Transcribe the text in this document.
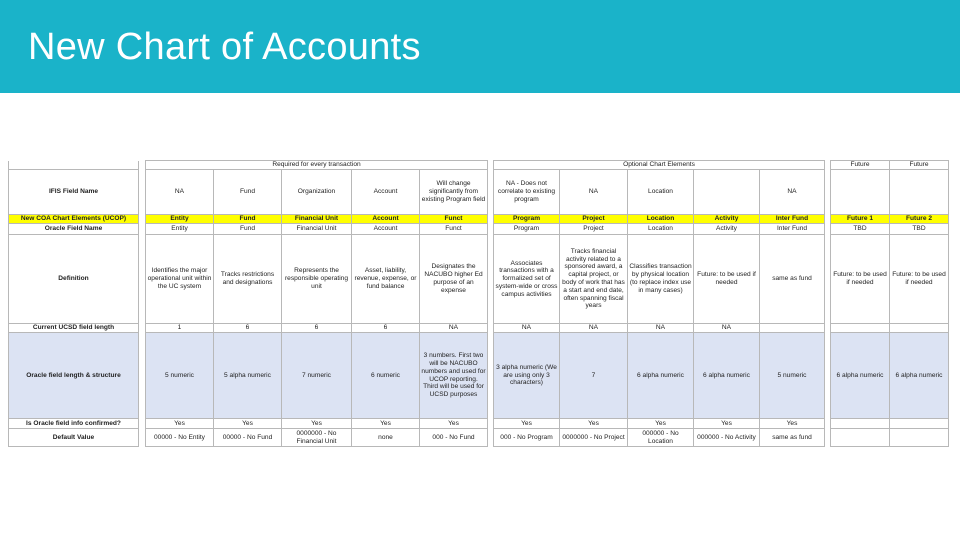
New Chart of Accounts
		Required for every transaction						Optional Chart Elements						Future	Future
IFIS Field Name		NA	Fund	Organization	Account	Will change significantly from existing Program field		NA - Does not correlate to existing program	NA	Location		NA			
New COA Chart Elements (UCOP)		Entity	Fund	Financial Unit	Account	Funct		Program	Project	Location	Activity	Inter Fund		Future 1	Future 2
Oracle Field Name		Entity	Fund	Financial Unit	Account	Funct		Program	Project	Location	Activity	Inter Fund		TBD	TBD
Definition		Identifies the major operational unit within the UC system	Tracks restrictions and designations	Represents the responsible operating unit	Asset, liability, revenue, expense, or fund balance	Designates the NACUBO higher Ed purpose of an expense		Associates transactions with a formalized set of system-wide or cross campus activities	Tracks financial activity related to a sponsored award, a capital project, or body of work that has a start and end date, often spanning fiscal years	Classifies transaction by physical location (to replace index use in many cases)	Future: to be used if needed	same as fund		Future: to be used if needed	Future: to be used if needed
Current UCSD field length		1	6	6	6	NA		NA	NA	NA	NA				
Oracle field length & structure		5 numeric	5 alpha numeric	7 numeric	6 numeric	3 numbers. First two will be NACUBO numbers and used for UCOP reporting. Third will be used for UCSD purposes		3 alpha numeric (We are using only 3 characters)	7	6 alpha numeric	6 alpha numeric	5 numeric		6 alpha numeric	6 alpha numeric
Is Oracle field info confirmed?		Yes	Yes	Yes	Yes	Yes		Yes	Yes	Yes	Yes	Yes			
Default Value		00000 - No Entity	00000 - No Fund	0000000 - No Financial Unit	none	000 - No Fund		000 - No Program	0000000 - No Project	000000 - No Location	000000 - No Activity	same as fund			
